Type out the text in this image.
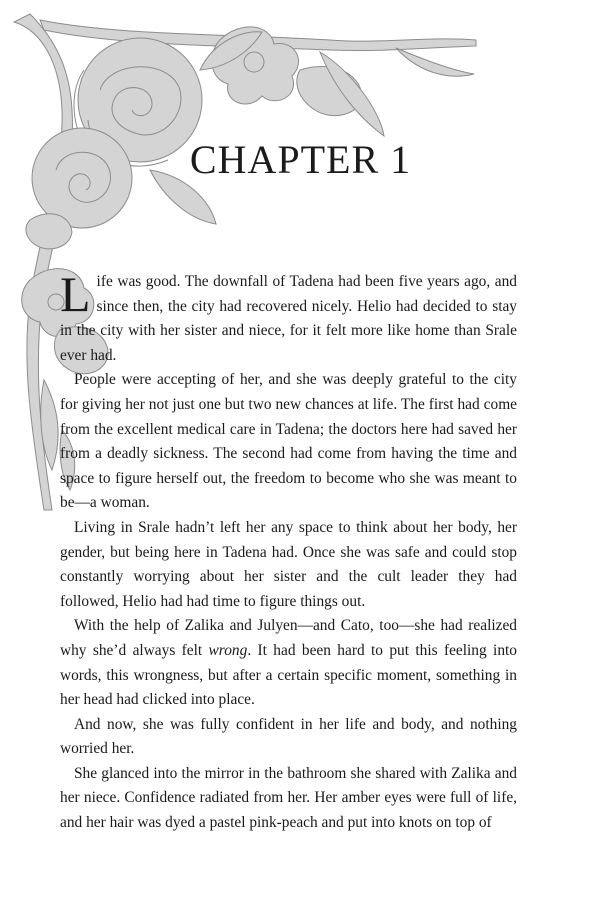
CHAPTER 1

Life was good. The downfall of Tadena had been five years ago, and since then, the city had recovered nicely. Helio had decided to stay in the city with her sister and niece, for it felt more like home than Srale ever had.

People were accepting of her, and she was deeply grateful to the city for giving her not just one but two new chances at life. The first had come from the excellent medical care in Tadena; the doctors here had saved her from a deadly sickness. The second had come from having the time and space to figure herself out, the freedom to become who she was meant to be—a woman.

Living in Srale hadn’t left her any space to think about her body, her gender, but being here in Tadena had. Once she was safe and could stop constantly worrying about her sister and the cult leader they had followed, Helio had had time to figure things out.

With the help of Zalika and Julyen—and Cato, too—she had realized why she’d always felt wrong. It had been hard to put this feeling into words, this wrongness, but after a certain specific moment, something in her head had clicked into place.

And now, she was fully confident in her life and body, and nothing worried her.

She glanced into the mirror in the bathroom she shared with Zalika and her niece. Confidence radiated from her. Her amber eyes were full of life, and her hair was dyed a pastel pink-peach and put into knots on top of
